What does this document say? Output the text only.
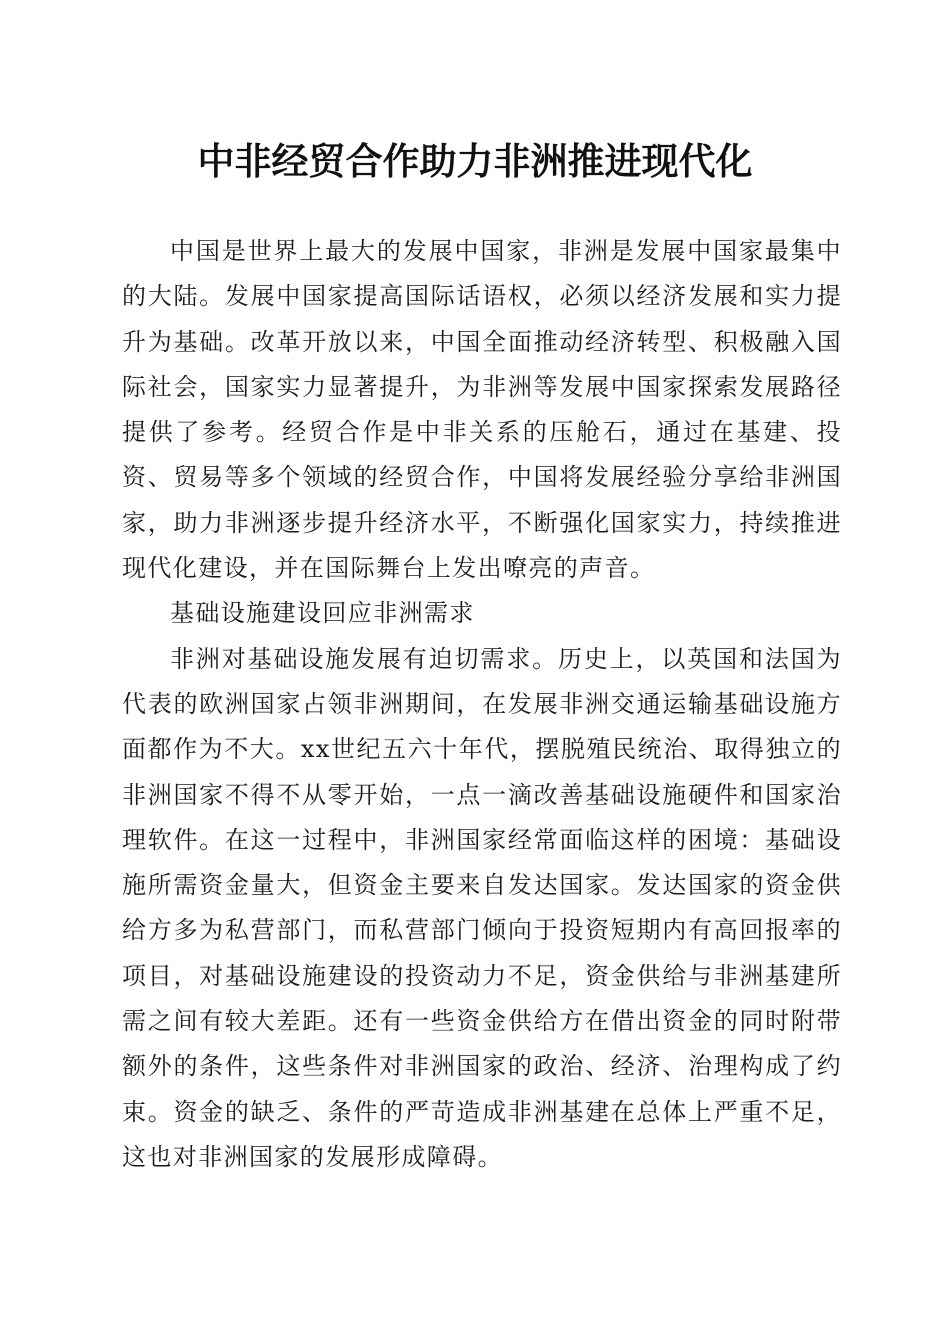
中非经贸合作助力非洲推进现代化

中国是世界上最大的发展中国家，非洲是发展中国家最集中的大陆。发展中国家提高国际话语权，必须以经济发展和实力提升为基础。改革开放以来，中国全面推动经济转型、积极融入国际社会，国家实力显著提升，为非洲等发展中国家探索发展路径提供了参考。经贸合作是中非关系的压舱石，通过在基建、投资、贸易等多个领域的经贸合作，中国将发展经验分享给非洲国家，助力非洲逐步提升经济水平，不断强化国家实力，持续推进现代化建设，并在国际舞台上发出嘹亮的声音。

基础设施建设回应非洲需求

非洲对基础设施发展有迫切需求。历史上，以英国和法国为代表的欧洲国家占领非洲期间，在发展非洲交通运输基础设施方面都作为不大。xx世纪五六十年代，摆脱殖民统治、取得独立的非洲国家不得不从零开始，一点一滴改善基础设施硬件和国家治理软件。在这一过程中，非洲国家经常面临这样的困境：基础设施所需资金量大，但资金主要来自发达国家。发达国家的资金供给方多为私营部门，而私营部门倾向于投资短期内有高回报率的项目，对基础设施建设的投资动力不足，资金供给与非洲基建所需之间有较大差距。还有一些资金供给方在借出资金的同时附带额外的条件，这些条件对非洲国家的政治、经济、治理构成了约束。资金的缺乏、条件的严苛造成非洲基建在总体上严重不足，这也对非洲国家的发展形成障碍。
